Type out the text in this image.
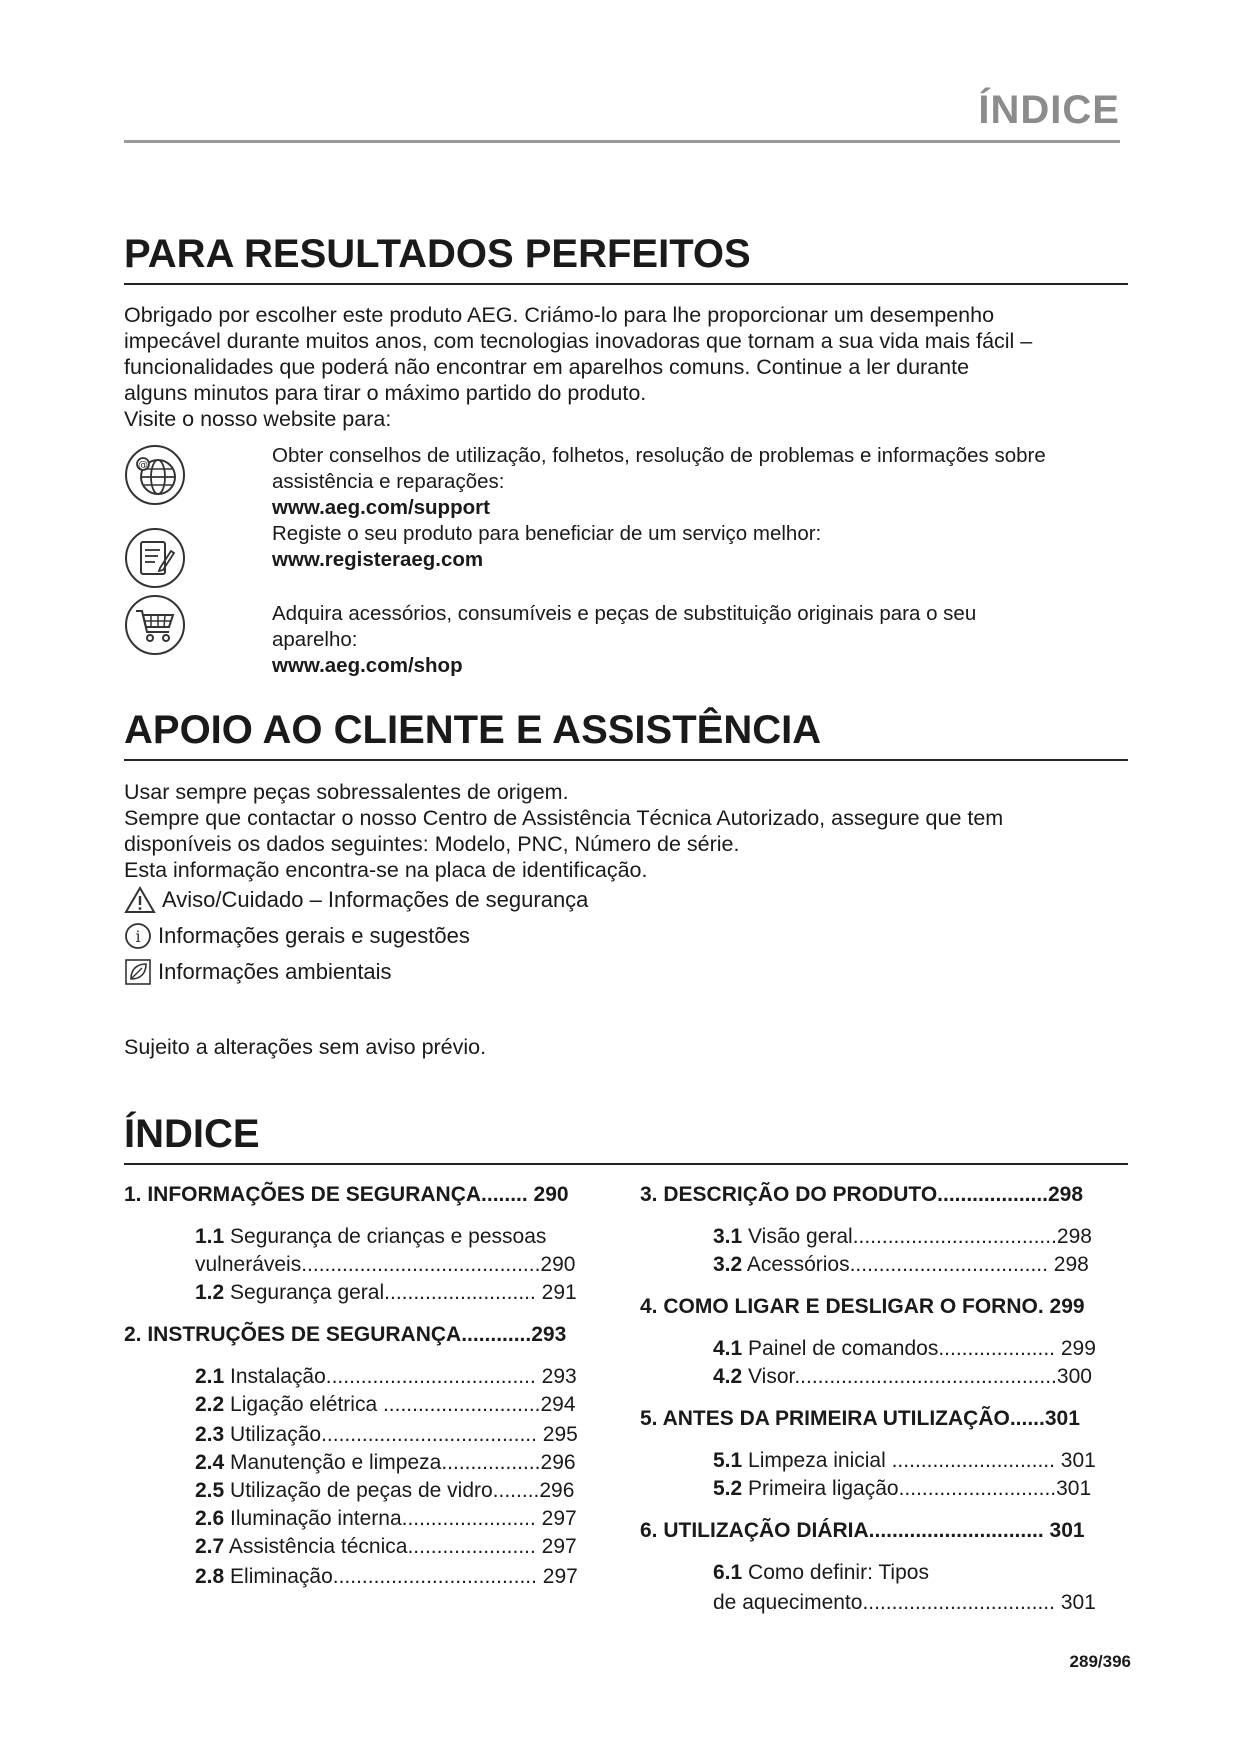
ÍNDICE
PARA RESULTADOS PERFEITOS
Obrigado por escolher este produto AEG. Criámo-lo para lhe proporcionar um desempenho
impecável durante muitos anos, com tecnologias inovadoras que tornam a sua vida mais fácil –
funcionalidades que poderá não encontrar em aparelhos comuns. Continue a ler durante
alguns minutos para tirar o máximo partido do produto.
Visite o nosso website para:
@	Obter conselhos de utilização, folhetos, resolução de problemas e informações sobre
assistência e reparações:
www.aeg.com/support
Registe o seu produto para beneficiar de um serviço melhor:
www.registeraeg.com
Adquira acessórios, consumíveis e peças de substituição originais para o seu
aparelho:
www.aeg.com/shop
APOIO AO CLIENTE E ASSISTÊNCIA
Usar sempre peças sobressalentes de origem.
Sempre que contactar o nosso Centro de Assistência Técnica Autorizado, assegure que tem
disponíveis os dados seguintes: Modelo, PNC, Número de série.
Esta informação encontra-se na placa de identificação.
Aviso/Cuidado – Informações de segurança
i Informações gerais e sugestões
Informações ambientais
Sujeito a alterações sem aviso prévio.
ÍNDICE
1. INFORMAÇÕES DE SEGURANÇA........ 290
1.1 Segurança de crianças e pessoas
vulneráveis.........................................290
1.2 Segurança geral.......................... 291
2. INSTRUÇÕES DE SEGURANÇA............293
2.1 Instalação.................................... 293
2.2 Ligação elétrica ...........................294
2.3 Utilização..................................... 295
2.4 Manutenção e limpeza.................296
2.5 Utilização de peças de vidro........296
2.6 Iluminação interna....................... 297
2.7 Assistência técnica...................... 297
2.8 Eliminação................................... 297
3. DESCRIÇÃO DO PRODUTO...................298
3.1 Visão geral...................................298
3.2 Acessórios.................................. 298
4. COMO LIGAR E DESLIGAR O FORNO. 299
4.1 Painel de comandos.................... 299
4.2 Visor.............................................300
5. ANTES DA PRIMEIRA UTILIZAÇÃO......301
5.1 Limpeza inicial ............................ 301
5.2 Primeira ligação...........................301
6. UTILIZAÇÃO DIÁRIA.............................. 301
6.1 Como definir: Tipos
de aquecimento................................. 301
289/396
